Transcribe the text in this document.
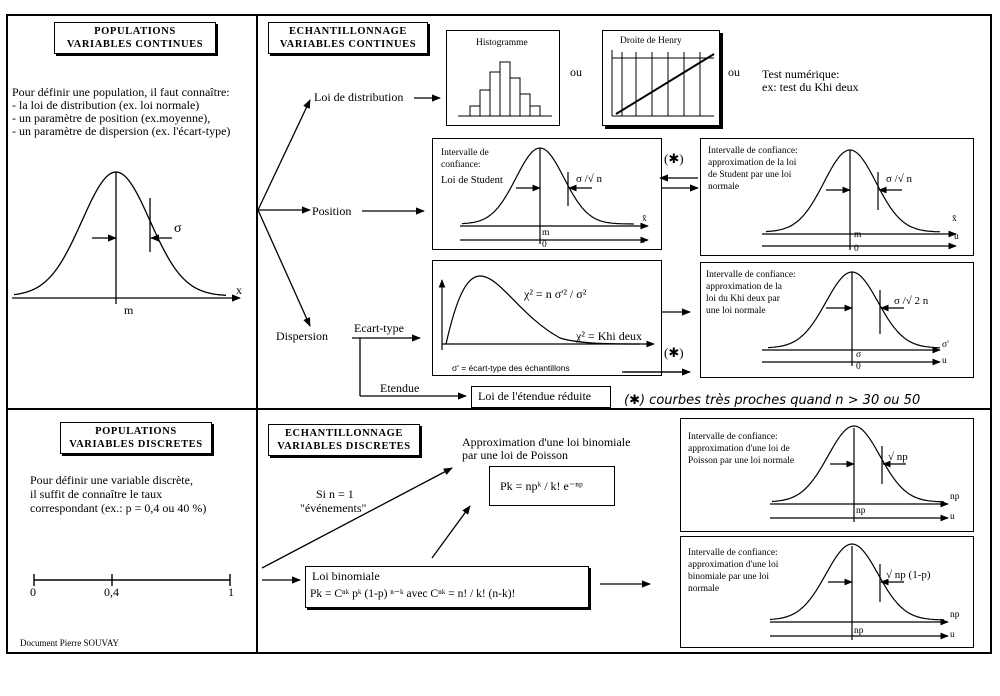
POPULATIONS
VARIABLES CONTINUES
ECHANTILLONNAGE
VARIABLES CONTINUES
POPULATIONS
VARIABLES DISCRETES
ECHANTILLONNAGE
VARIABLES DISCRETES
Pour définir une population, il faut connaître:
- la loi de distribution (ex. loi normale)
- un paramètre de position (ex.moyenne),
- un paramètre de dispersion (ex. l'écart-type)
σ
x
m
Loi de distribution
Position
Dispersion
Ecart-type
Etendue
Histogramme
ou
Droite de Henry
ou Test numérique:
ex: test du Khi deux
Intervalle de
confiance:
Loi de Student	σ /√ n
x̄
m
0	t
(✱)	Intervalle de confiance:
approximation de la loi
de Student par une loi
normale
σ /√ n
x̄
m
0
u
χ² = n σ'² / σ²
χ² = Khi deux
σ' = écart-type des échantillons
Intervalle de confiance:
approximation de la
loi du Khi deux par
une loi normale
σ /√ 2 n
σ
0
σ'
u
(✱)
Loi de l'étendue réduite	(✱) courbes très proches quand n > 30 ou 50
Pour définir une variable discrète,
il suffit de connaître le taux
correspondant (ex.: p = 0,4 ou 40 %)
0	0,4	1
Document Pierre SOUVAY
Si n = 1
"événements"
Approximation d'une loi binomiale
par une loi de Poisson
Pk = npᵏ / k! e⁻ⁿᵖ
Loi binomiale
Pk = Cⁿᵏ pᵏ (1-p) ⁿ⁻ᵏ avec Cⁿᵏ = n! / k! (n-k)!
Intervalle de confiance:
approximation d'une loi de
Poisson par une loi normale	√ np
np
u
np
Intervalle de confiance:
approximation d'une loi
binomiale par une loi
normale
√ np (1-p)
np
u
np
